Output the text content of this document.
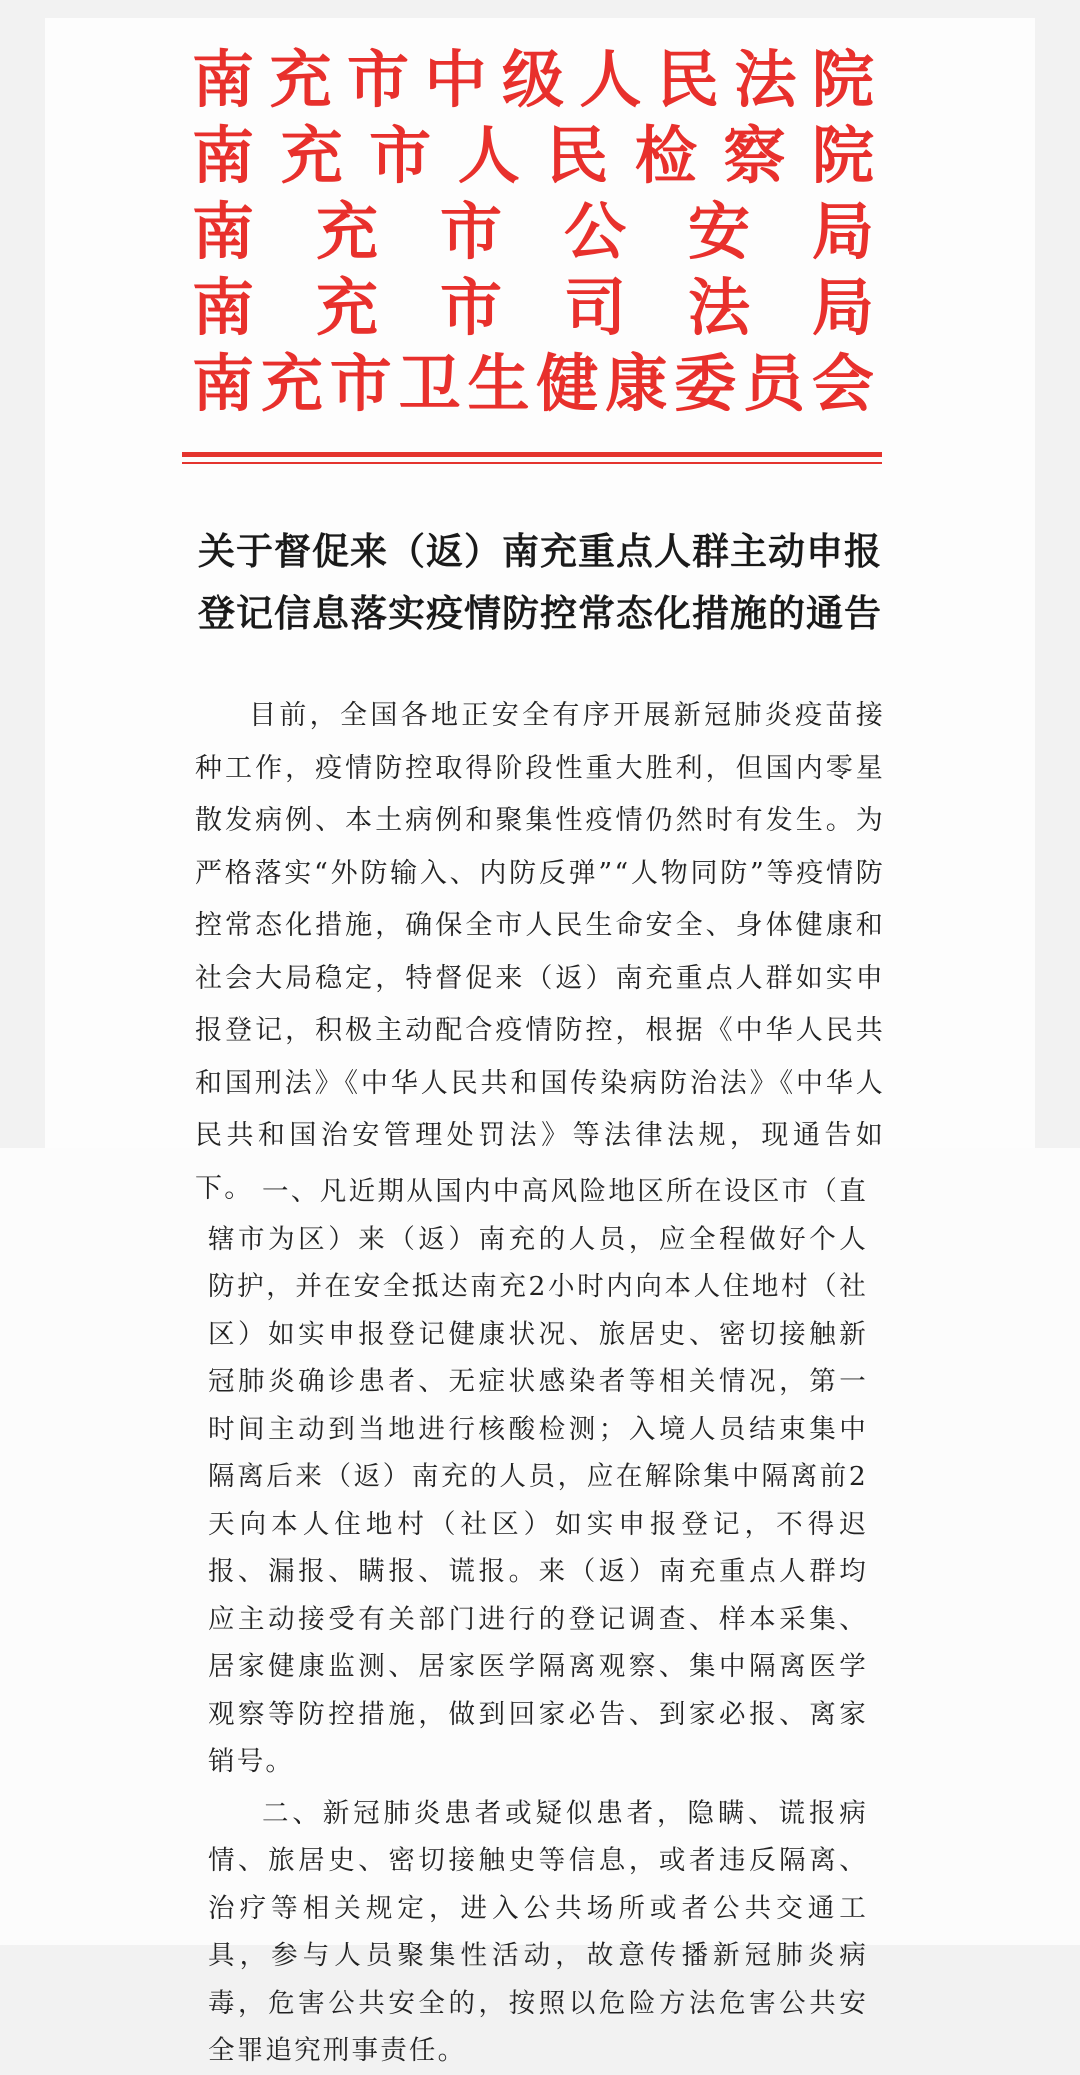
南 充 市 中 级 人 民 法 院
南 充 市 人 民 检 察 院
南 充 市 公 安 局
南 充 市 司 法 局
南 充 市 卫 生 健 康 委 员 会
关于督促来（返）南充重点人群主动申报
登记信息落实疫情防控常态化措施的通告

目前，全国各地正安全有序开展新冠肺炎疫苗接种工作，疫情防控取得阶段性重大胜利，但国内零星散发病例、本土病例和聚集性疫情仍然时有发生。为严格落实“外防输入、内防反弹”“人物同防”等疫情防控常态化措施，确保全市人民生命安全、身体健康和社会大局稳定，特督促来（返）南充重点人群如实申报登记，积极主动配合疫情防控，根据《中华人民共和国刑法》《中华人民共和国传染病防治法》《中华人民共和国治安管理处罚法》等法律法规，现通告如下。 一、凡近期从国内中高风险地区所在设区市（直辖市为区）来（返）南充的人员，应全程做好个人防护，并在安全抵达南充2小时内向本人住地村（社区）如实申报登记健康状况、旅居史、密切接触新冠肺炎确诊患者、无症状感染者等相关情况，第一时间主动到当地进行核酸检测；入境人员结束集中隔离后来（返）南充的人员，应在解除集中隔离前2天向本人住地村（社区）如实申报登记，不得迟报、漏报、瞒报、谎报。来（返）南充重点人群均应主动接受有关部门进行的登记调查、样本采集、居家健康监测、居家医学隔离观察、集中隔离医学观察等防控措施，做到回家必告、到家必报、离家销号。

二、新冠肺炎患者或疑似患者，隐瞒、谎报病情、旅居史、密切接触史等信息，或者违反隔离、治疗等相关规定，进入公共场所或者公共交通工具，参与人员聚集性活动，故意传播新冠肺炎病毒，危害公共安全的，按照以危险方法危害公共安全罪追究刑事责任。
